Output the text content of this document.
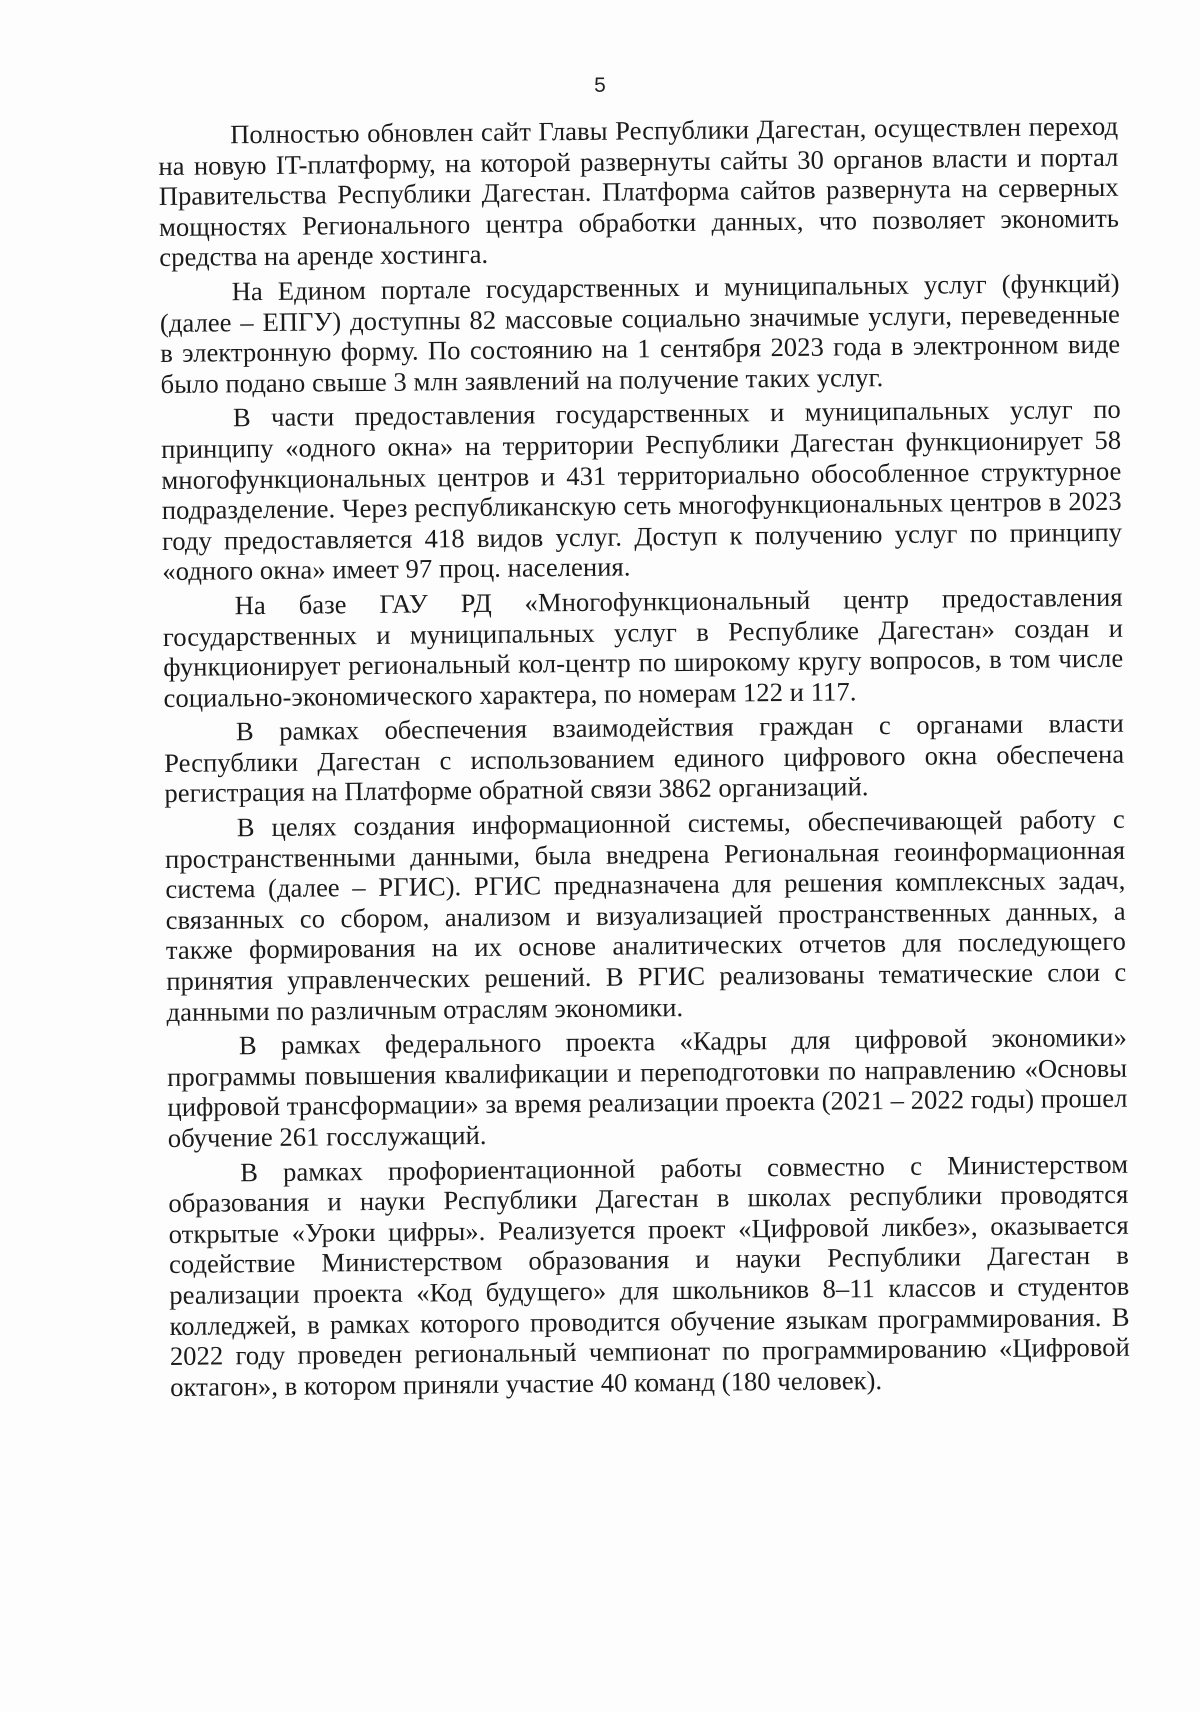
5

Полностью обновлен сайт Главы Республики Дагестан, осуществлен переход на новую IT-платформу, на которой развернуты сайты 30 органов власти и портал Правительства Республики Дагестан. Платформа сайтов развернута на серверных мощностях Регионального центра обработки данных, что позволяет экономить средства на аренде хостинга.

На Едином портале государственных и муниципальных услуг (функций) (далее – ЕПГУ) доступны 82 массовые социально значимые услуги, переведенные в электронную форму. По состоянию на 1 сентября 2023 года в электронном виде было подано свыше 3 млн заявлений на получение таких услуг.

В части предоставления государственных и муниципальных услуг по принципу «одного окна» на территории Республики Дагестан функционирует 58 многофункциональных центров и 431 территориально обособленное структурное подразделение. Через республиканскую сеть многофункциональных центров в 2023 году предоставляется 418 видов услуг. Доступ к получению услуг по принципу «одного окна» имеет 97 проц. населения.

На базе ГАУ РД «Многофункциональный центр предоставления государственных и муниципальных услуг в Республике Дагестан» создан и функционирует региональный кол-центр по широкому кругу вопросов, в том числе социально-экономического характера, по номерам 122 и 117.

В рамках обеспечения взаимодействия граждан с органами власти Республики Дагестан с использованием единого цифрового окна обеспечена регистрация на Платформе обратной связи 3862 организаций.

В целях создания информационной системы, обеспечивающей работу с пространственными данными, была внедрена Региональная геоинформационная система (далее – РГИС). РГИС предназначена для решения комплексных задач, связанных со сбором, анализом и визуализацией пространственных данных, а также формирования на их основе аналитических отчетов для последующего принятия управленческих решений. В РГИС реализованы тематические слои с данными по различным отраслям экономики.

В рамках федерального проекта «Кадры для цифровой экономики» программы повышения квалификации и переподготовки по направлению «Основы цифровой трансформации» за время реализации проекта (2021 – 2022 годы) прошел обучение 261 госслужащий.

В рамках профориентационной работы совместно с Министерством образования и науки Республики Дагестан в школах республики проводятся открытые «Уроки цифры». Реализуется проект «Цифровой ликбез», оказывается содействие Министерством образования и науки Республики Дагестан в реализации проекта «Код будущего» для школьников 8–11 классов и студентов колледжей, в рамках которого проводится обучение языкам программирования. В 2022 году проведен региональный чемпионат по программированию «Цифровой октагон», в котором приняли участие 40 команд (180 человек).
